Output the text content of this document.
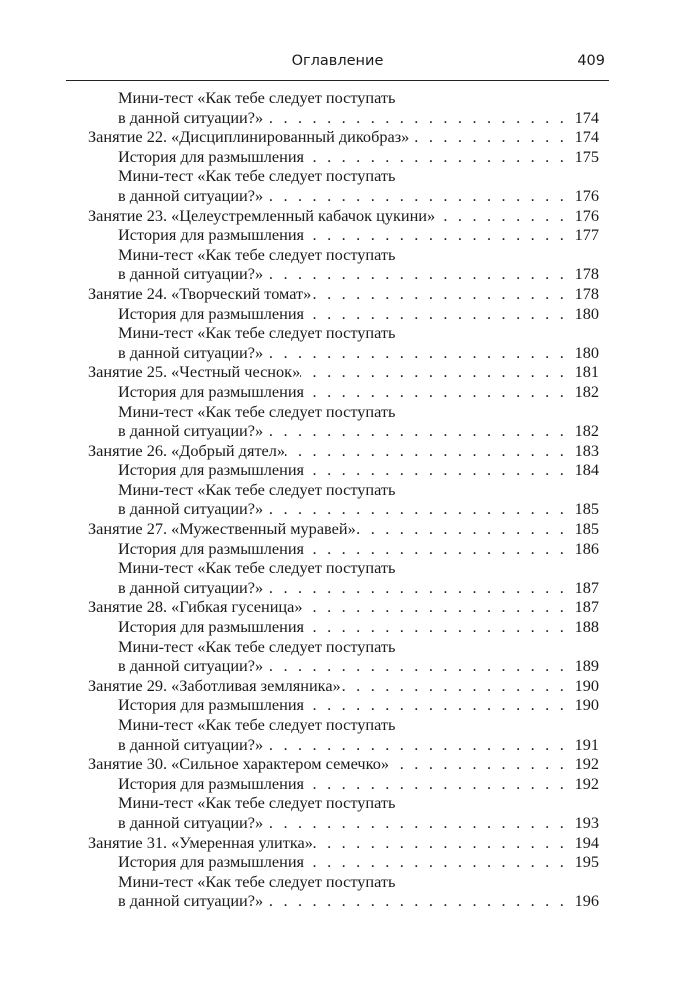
Оглавление	409
Мини-тест «Как тебе следует поступать
в данной ситуации?» . . .	174
Занятие 22. «Дисциплинированный дикобраз» . . .	174
История для размышления . . .	175
Мини-тест «Как тебе следует поступать
в данной ситуации?» . . .	176
Занятие 23. «Целеустремленный кабачок цукини» . . .	176
История для размышления . . .	177
Мини-тест «Как тебе следует поступать
в данной ситуации?» . . .	178
Занятие 24. «Творческий томат» . . .	178
История для размышления . . .	180
Мини-тест «Как тебе следует поступать
в данной ситуации?» . . .	180
Занятие 25. «Честный чеснок» . . .	181
История для размышления . . .	182
Мини-тест «Как тебе следует поступать
в данной ситуации?» . . .	182
Занятие 26. «Добрый дятел» . . .	183
История для размышления . . .	184
Мини-тест «Как тебе следует поступать
в данной ситуации?» . . .	185
Занятие 27. «Мужественный муравей» . . .	185
История для размышления . . .	186
Мини-тест «Как тебе следует поступать
в данной ситуации?» . . .	187
Занятие 28. «Гибкая гусеница» . . .	187
История для размышления . . .	188
Мини-тест «Как тебе следует поступать
в данной ситуации?» . . .	189
Занятие 29. «Заботливая земляника» . . .	190
История для размышления . . .	190
Мини-тест «Как тебе следует поступать
в данной ситуации?» . . .	191
Занятие 30. «Сильное характером семечко» . . .	192
История для размышления . . .	192
Мини-тест «Как тебе следует поступать
в данной ситуации?» . . .	193
Занятие 31. «Умеренная улитка» . . .	194
История для размышления . . .	195
Мини-тест «Как тебе следует поступать
в данной ситуации?» . . .	196
